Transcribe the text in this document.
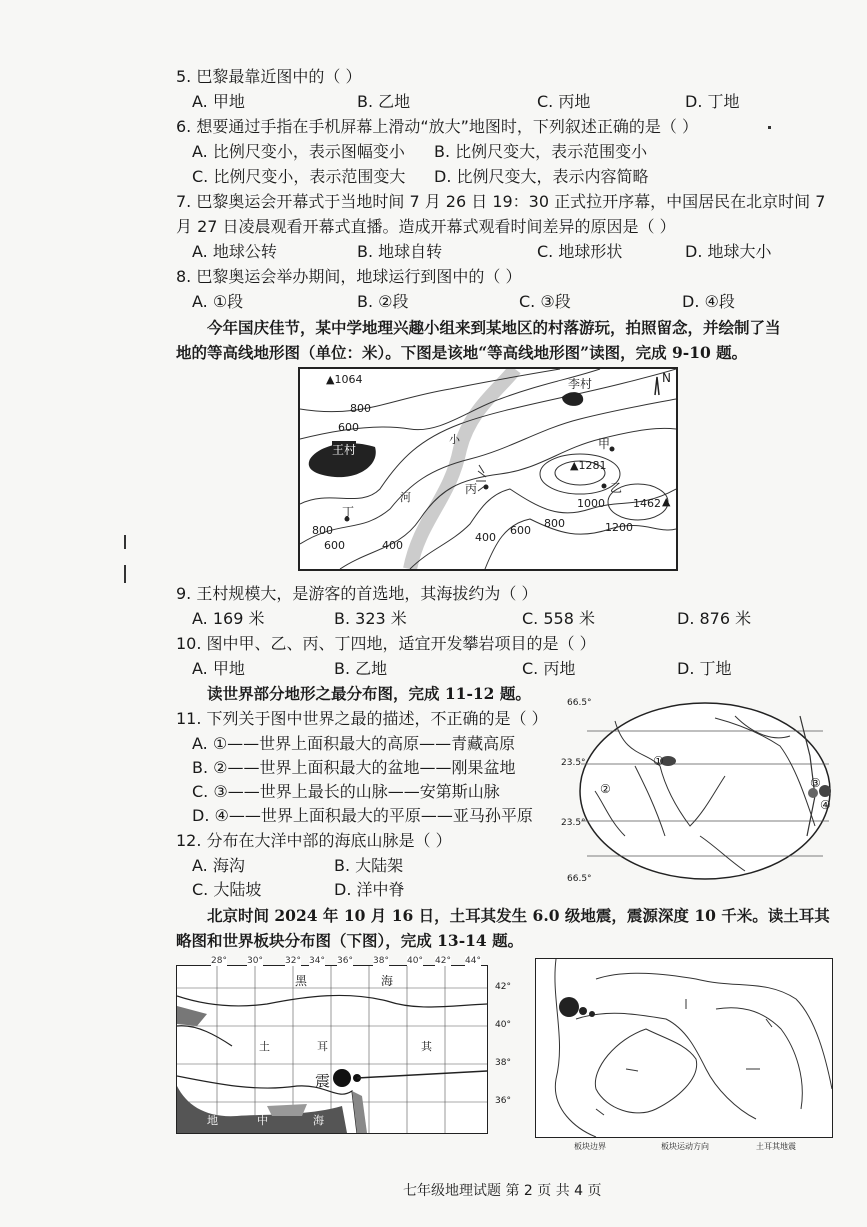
5. 巴黎最靠近图中的（ ）
A. 甲地	B. 乙地	C. 丙地	D. 丁地
6. 想要通过手指在手机屏幕上滑动“放大”地图时，下列叙述正确的是（ ）
A. 比例尺变小，表示图幅变小 B. 比例尺变大，表示范围变小
C. 比例尺变小，表示范围变大 D. 比例尺变大，表示内容简略
7. 巴黎奥运会开幕式于当地时间 7 月 26 日 19：30 正式拉开序幕，中国居民在北京时间 7
月 27 日凌晨观看开幕式直播。造成开幕式观看时间差异的原因是（ ）
A. 地球公转	B. 地球自转	C. 地球形状	D. 地球大小
8. 巴黎奥运会举办期间，地球运行到图中的（ ）
A. ①段	B. ②段	C. ③段	D. ④段
今年国庆佳节，某中学地理兴趣小组来到某地区的村落游玩，拍照留念，并绘制了当
地的等高线地形图（单位：米）。下图是该地“等高线地形图”读图，完成 9-10 题。
▲1064	李村	N
800
600
王村
小
河
甲
▲1281
乙
丙
1000	1462 ▲
1200
丁
800
600	400
400
600
800
9. 王村规模大，是游客的首选地，其海拔约为（ ）
A. 169 米	B. 323 米	C. 558 米	D. 876 米
10. 图中甲、乙、丙、丁四地，适宜开发攀岩项目的是（ ）
A. 甲地	B. 乙地	C. 丙地	D. 丁地
读世界部分地形之最分布图，完成 11-12 题。
11. 下列关于图中世界之最的描述，不正确的是（ ）
A. ①——世界上面积最大的高原——青藏高原
B. ②——世界上面积最大的盆地——刚果盆地
C. ③——世界上最长的山脉——安第斯山脉
D. ④——世界上面积最大的平原——亚马孙平原
12. 分布在大洋中部的海底山脉是（ ）
A. 海沟	B. 大陆架
C. 大陆坡	D. 洋中脊
66.5°
23.5°
23.5°
66.5°
①
②	③
④
北京时间 2024 年 10 月 16 日，土耳其发生 6.0 级地震，震源深度 10 千米。读土耳其
略图和世界板块分布图（下图），完成 13-14 题。
28° 30° 32° 34° 36° 38° 40° 42° 44°
42°
40°
38°
36°
黑	海
土	耳	其
震
地	中	海
板块边界	板块运动方向	土耳其地震
七年级地理试题 第 2 页 共 4 页
